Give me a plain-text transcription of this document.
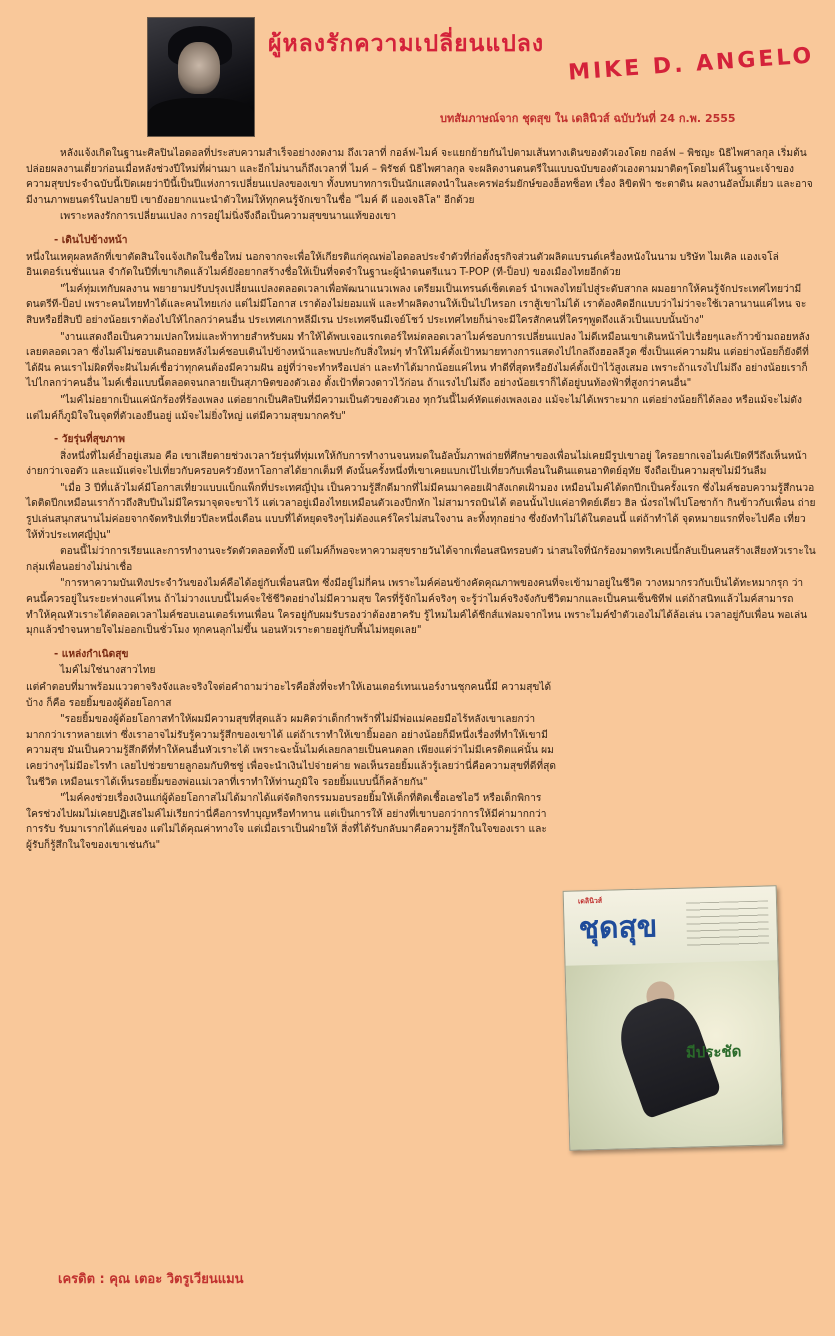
ผู้หลงรักความเปลี่ยนแปลง MIKE D. ANGELO
บทสัมภาษณ์จาก ชุดสุข ใน เดลินิวส์ ฉบับวันที่ 24 ก.พ. 2555

หลังแจ้งเกิดในฐานะศิลปินไอดอลที่ประสบความสำเร็จอย่างงดงาม ถึงเวลาที่ กอล์ฟ-ไมค์ จะแยกย้ายกันไปตามเส้นทางเดินของตัวเองโดย กอล์ฟ – พิชญะ นิธิไพศาลกุล เริ่มต้นปล่อยผลงานเดี่ยวก่อนเมื่อหลังช่วงปีใหม่ที่ผ่านมา และอีกไม่นานก็ถึงเวลาที่ ไมค์ – พิรัชต์ นิธิไพศาลกุล จะผลิตงานดนตรีในแบบฉบับของตัวเองตามมาติดๆโดยไมค์ในฐานะเจ้าของความสุขประจำฉบับนี้เปิดเผยว่าปีนี้เป็นปีแห่งการเปลี่ยนแปลงของเขา ทั้งบทบาทการเป็นนักแสดงนำในละครฟอร์มยักษ์ของฮ็อทช็อท เรื่อง ลิขิตฟ้า ชะตาดิน ผลงานอัลบั้มเดี่ยว และอาจมีงานภาพยนตร์ในปลายปี เขายังอยากแนะนำตัวใหม่ให้ทุกคนรู้จักเขาในชื่อ "ไมค์ ดี แองเจลิโล" อีกด้วย

เพราะหลงรักการเปลี่ยนแปลง การอยู่ไม่นิ่งจึงถือเป็นความสุขขนานแท้ของเขา

- เดินไปข้างหน้า

หนึ่งในเหตุผลหลักที่เขาตัดสินใจแจ้งเกิดในชื่อใหม่ นอกจากจะเพื่อให้เกียรติแก่คุณพ่อไอดอลประจำตัวที่ก่อตั้งธุรกิจส่วนตัวผลิตแบรนด์เครื่องหนังในนาม บริษัท ไมเคิล แองเจโล่ อินเตอร์เนชั่นแนล จำกัดในปีที่เขาเกิดแล้วไมค์ยังอยากสร้างชื่อให้เป็นที่จดจำในฐานะผู้นำดนตรีแนว T-POP (ที-ป็อป) ของเมืองไทยอีกด้วย

"ไมค์ทุ่มเทกับผลงาน พยายามปรับปรุงเปลี่ยนแปลงตลอดเวลาเพื่อพัฒนาแนวเพลง เตรียมเป็นเทรนด์เซ็ตเตอร์ นำเพลงไทยไปสู่ระดับสากล ผมอยากให้คนรู้จักประเทศไทยว่ามีดนตรีที-ป็อป เพราะคนไทยทำได้และคนไทยเก่ง แต่ไม่มีโอกาส เราต้องไม่ยอมแพ้ และทำผลิตงานให้เป็นไปไหรอก เราสู้เขาไม่ได้ เราต้องคิดอีกแบบว่าไม่ว่าจะใช้เวลานานแค่ไหน จะสิบหรือยี่สิบปี อย่างน้อยเราต้องไปให้ไกลกว่าคนอื่น ประเทศเกาหลีมีเรน ประเทศจีนมีเจย์โชว์ ประเทศไทยก็น่าจะมีใครสักคนที่ใครๆพูดถึงแล้วเป็นแบบนั้นบ้าง"

"งานแสดงถือเป็นความเปลกใหม่และท้าทายสำหรับผม ทำให้ได้พบเจอแรกเตอร์ใหม่ตลอดเวลาไมค์ชอบการเปลี่ยนแปลง ไม่ดีเหมือนเขาเดินหน้าไปเรื่อยๆและก้าวข้ามถอยหลังเลยตลอดเวลา ซึ่งไมค์ไม่ชอบเดินถอยหลังไมค์ชอบเดินไปข้างหน้าและพบปะกับสิ่งใหม่ๆ ทำให้ไมค์ตั้งเป้าหมายทางการแสดงไปไกลถึงฮอลลีวูด ซึ่งเป็นแค่ความฝัน แต่อย่างน้อยก็ยังดีที่ได้ฝัน คนเราไม่ผิดที่จะฝันไมค์เชื่อว่าทุกคนต้องมีความฝัน อยู่ที่ว่าจะทำหรือเปล่า และทำได้มากน้อยแค่ไหน ทำดีที่สุดหรือยังไมค์ตั้งเป้าไว้สูงเสมอ เพราะถ้าแรงไปไม่ถึง อย่างน้อยเราก็ไปไกลกว่าคนอื่น ไมค์เชื่อแบบนี้ตลอดจนกลายเป็นสุภาษิตของตัวเอง ตั้งเป้าที่ดวงดาวไว้ก่อน ถ้าแรงไปไม่ถึง อย่างน้อยเราก็ได้อยู่บนท้องฟ้าที่สูงกว่าคนอื่น"

"ไมค์ไม่อยากเป็นแค่นักร้องที่ร้องเพลง แต่อยากเป็นศิลปินที่มีความเป็นตัวของตัวเอง ทุกวันนี้ไมค์หัดแต่งเพลงเอง แม้จะไม่ได้เพราะมาก แต่อย่างน้อยก็ได้ลอง หรือแม้จะไม่ดัง แต่ไมค์ก็ภูมิใจในจุดที่ตัวเองยืนอยู่ แม้จะไม่ยิ่งใหญ่ แต่มีความสุขมากครับ"

- วัยรุ่นที่สุขภาพ

สิ่งหนึ่งที่ไมค์ย้ำอยู่เสมอ คือ เขาเสียดายช่วงเวลาวัยรุ่นที่ทุ่มเทให้กับการทำงานจนหมดในอัลบั้มภาพถ่ายที่ศึกษาของเพื่อนไม่เคยมีรูปเขาอยู่ ใครอยากเจอไมค์เปิดทีวีถึงเห็นหน้าง่ายกว่าเจอตัว และแม้แต่จะไปเที่ยวกับครอบครัวยังหาโอกาสได้ยากเต็มที ดังนั้นครั้งหนึ่งที่เขาเคยแบกเป้ไปเที่ยวกับเพื่อนในดินแดนอาทิตย์อุทัย จึงถือเป็นความสุขไม่มีวันลืม

"เมื่อ 3 ปีที่แล้วไมค์มีโอกาสเที่ยวแบบแบ็กแพ็กที่ประเทศญี่ปุ่น เป็นความรู้สึกดีมากที่ไม่มีคนมาคอยเฝ้าสังเกตเฝ้ามอง เหมือนไมค์ได้ตกปีกเป็นครั้งแรก ซึ่งไมค์ชอบความรู้สึกนวอไดติดปีกเหมือนเราก้าวถึงสิบปีนไม่มีใครมาจุดจะขาไว้ แต่เวลาอยู่เมืองไทยเหมือนตัวเองปีกหัก ไม่สามารถบินได้ ตอนนั้นไปแค่อาทิตย์เดียว ฮิล นั่งรถไฟไปโอซาก้า กินข้าวกับเพื่อน ถ่ายรูปเล่นสนุกสนานไม่ค่อยจากจัดทริปเที่ยวปีละหนึ่งเดือน แบบที่ได้หยุดจริงๆไม่ต้องแคร์ใครไม่สนใจงาน ละทิ้งทุกอย่าง ซึ่งยังทำไม่ได้ในตอนนี้ แต่ถ้าทำได้ จุดหมายแรกที่จะไปคือ เที่ยวให้ทั่วประเทศญี่ปุ่น"

ตอนนี้ไม่ว่าการเรียนและการทำงานจะรัดตัวตลอดทั้งปี แต่ไมค์ก็พอจะหาความสุขรายวันได้จากเพื่อนสนิทรอบตัว น่าสนใจที่นักร้องมาดทริเคเปนี้กลับเป็นคนสร้างเสียงหัวเราะในกลุ่มเพื่อนอย่างไม่น่าเชื่อ

"การหาความบันเทิงประจำวันของไมค์คือได้อยู่กับเพื่อนสนิท ซึ่งมีอยู่ไม่กี่คน เพราะไมค์ค่อนข้างคัดคุณภาพของคนที่จะเข้ามาอยู่ในชีวิต วางหมากรวกับเป็นได้ทะหมากรุก ว่าคนนี้ควรอยู่ในระยะห่างแค่ไหน ถ้าไม่วางแบบนี้ไมค์จะใช้ชีวิตอย่างไม่มีความสุข ใครที่รู้จักไมค์จริงๆ จะรู้ว่าไมค์จริงจังกับชีวิตมากและเป็นคนเซ็นซิทีฟ แต่ถ้าสนิทแล้วไมค์สามารถทำให้คุณหัวเราะได้ตลอดเวลาไมค์ชอบเอนเตอร์เทนเพื่อน ใครอยู่กับผมรับรองว่าต้องฮาครับ รู้ไหมไมค์ได้ชีกส์แฟลมจากไหน เพราะไมค์ขำตัวเองไม่ได้ล้อเล่น เวลาอยู่กับเพื่อน พอเล่นมุกแล้วขำจนหายใจไม่ออกเป็นชั่วโมง ทุกคนลุกไม่ขึ้น นอนหัวเราะตายอยู่กับพื้นไม่หยุดเลย"

- แหล่งกำเนิดสุข

ไมค์ไม่ใช่นางสาวไทย

แต่คำตอบที่มาพร้อมแววตาจริงจังและจริงใจต่อคำถามว่าอะไรคือสิ่งที่จะทำให้เอนเตอร์เทนเนอร์งานชุกคนนี้มี ความสุขได้บ้าง ก็คือ รอยยิ้มของผู้ด้อยโอกาส

"รอยยิ้มของผู้ด้อยโอกาสทำให้ผมมีความสุขที่สุดแล้ว ผมคิดว่าเด็กกำพร้าที่ไม่มีพ่อแม่คอยมือไร้หลังเขาเลยกว่ามากกว่าเราหลายเท่า ซึ่งเราอาจไม่รับรู้ความรู้สึกของเขาได้ แต่ถ้าเราทำให้เขายิ้มออก อย่างน้อยก็มีหนึ่งเรื่องที่ทำให้เขามีความสุข มันเป็นความรู้สึกดีที่ทำให้คนอื่นหัวเราะได้ เพราะฉะนั้นไมค์เลยกลายเป็นคนตลก เพียงแต่ว่าไม่มีเครดิตแค่นั้น ผมเคยว่างๆไม่มีอะไรทำ เลยไปช่วยขายลูกอมกับทิชชู่ เพื่อจะนำเงินไปจ่ายค่าย พอเห็นรอยยิ้มแล้วรู้เลยว่านี่คือความสุขที่ดีที่สุดในชีวิต เหมือนเราได้เห็นรอยยิ้มของพ่อแม่เวลาที่เราทำให้ท่านภูมิใจ รอยยิ้มแบบนี้ก็คล้ายกัน"

"ไมค์คงช่วยเรื่องเงินแก่ผู้ด้อยโอกาสไม่ได้มากได้แต่จัดกิจกรรมมอบรอยยิ้มให้เด็กที่ติดเชื้อเอชไอวี หรือเด็กพิการ ใครช่วงไปผมไม่เคยปฏิเสธไมค์ไม่เรียกว่านี่คือการทำบุญหรือทำทาน แต่เป็นการให้ อย่างที่เขาบอกว่าการให้มีค่ามากกว่าการรับ รับมาเรากได้แค่ของ แต่ไม่ได้คุณค่าทางใจ แต่เมื่อเราเป็นฝ่ายให้ สิ่งที่ได้รับกลับมาคือความรู้สึกในใจของเรา และผู้รับก็รู้สึกในใจของเขาเช่นกัน"

เดลินิวส์
ชุดสุข
มีประชัด
เครดิต : คุณ เตอะ วิตรูเวียนแมน
